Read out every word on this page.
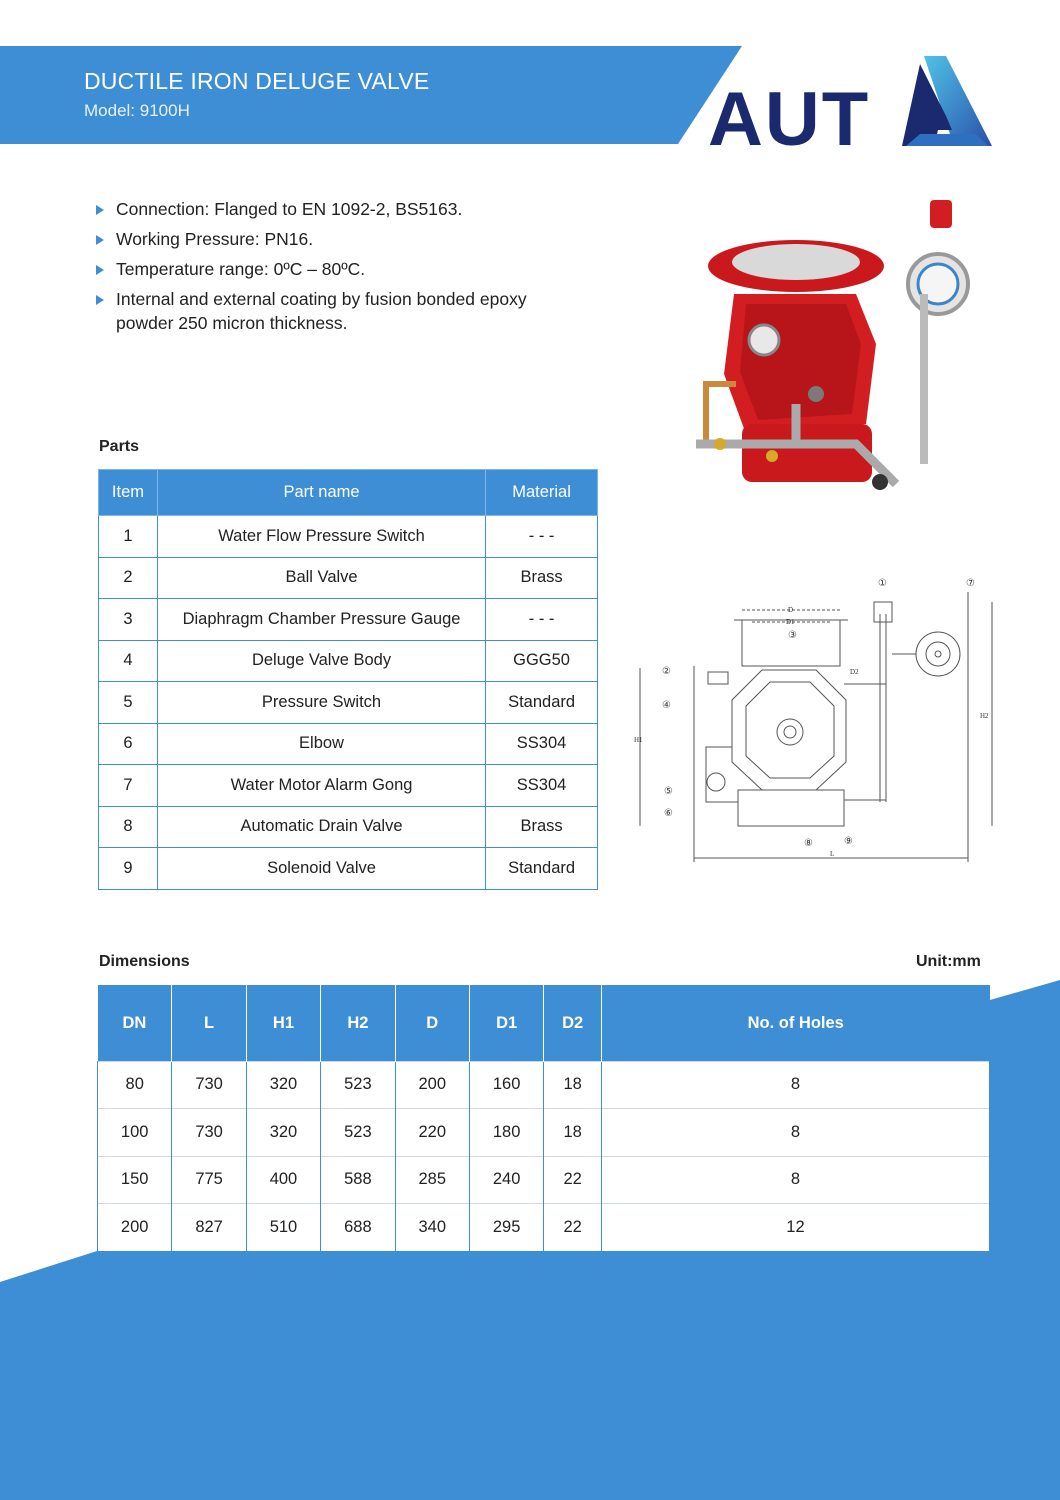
DUCTILE IRON DELUGE VALVE
Model: 9100H	AUT
Connection: Flanged to EN 1092-2, BS5163.
Working Pressure: PN16.
Temperature range: 0ºC – 80ºC.
Internal and external coating by fusion bonded epoxy powder 250 micron thickness.
D
D1
D2
H1
H2
L
①
②
③
④
⑤
⑥
⑦
⑧	⑨
Parts
Item	Part name	Material
1	Water Flow Pressure Switch	- - -
2	Ball Valve	Brass
3	Diaphragm Chamber Pressure Gauge	- - -
4	Deluge Valve Body	GGG50
5	Pressure Switch	Standard
6	Elbow	SS304
7	Water Motor Alarm Gong	SS304
8	Automatic Drain Valve	Brass
9	Solenoid Valve	Standard
Dimensions	Unit:mm
DN	L	H1	H2	D	D1	D2	No. of Holes
80	730	320	523	200	160	18	8
100	730	320	523	220	180	18	8
150	775	400	588	285	240	22	8
200	827	510	688	340	295	22	12
